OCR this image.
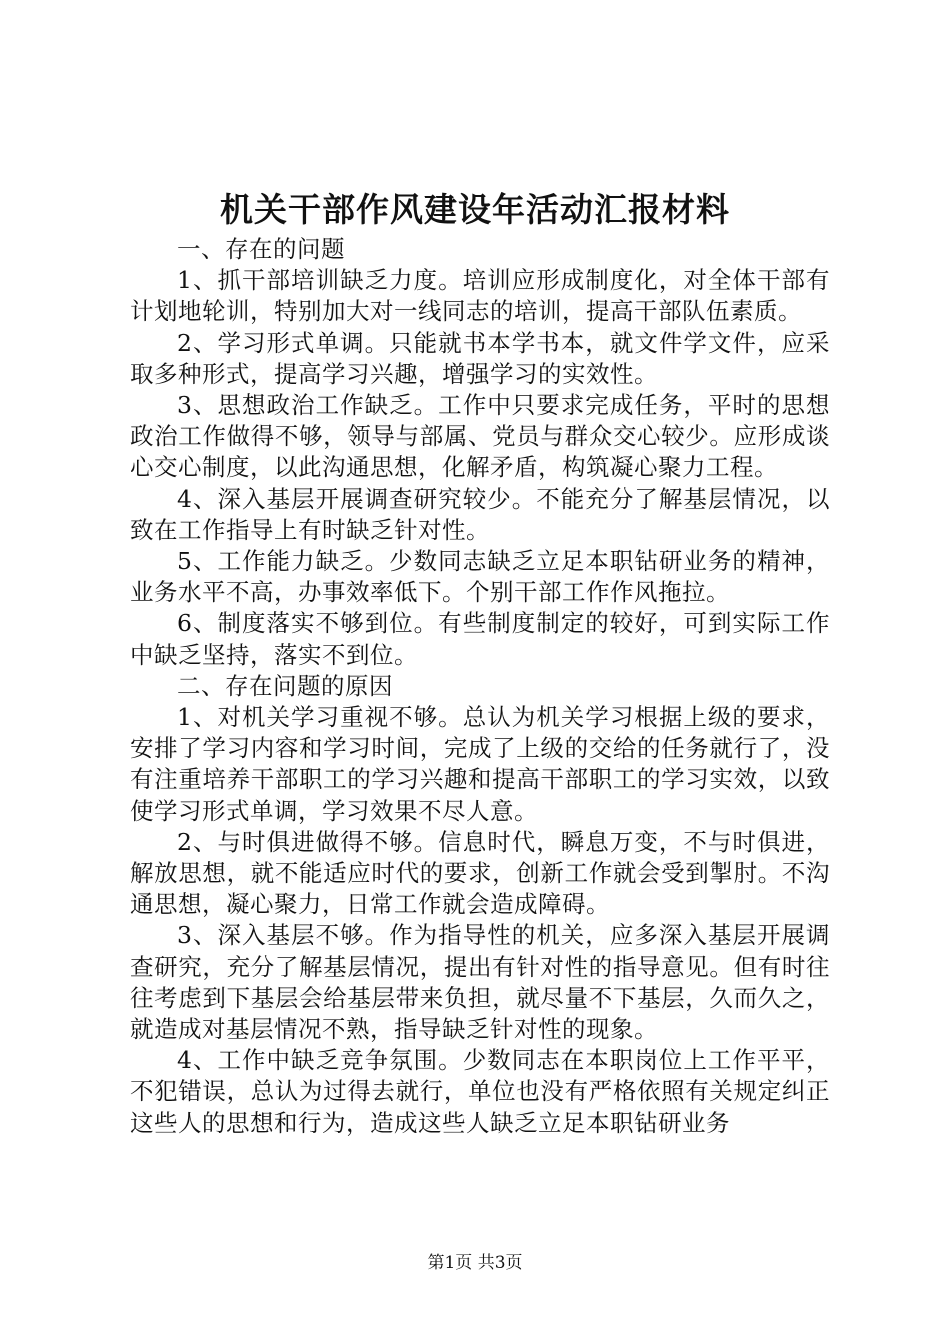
机关干部作风建设年活动汇报材料

一、存在的问题

1、抓干部培训缺乏力度。培训应形成制度化，对全体干部有计划地轮训，特别加大对一线同志的培训，提高干部队伍素质。

2、学习形式单调。只能就书本学书本，就文件学文件，应采取多种形式，提高学习兴趣，增强学习的实效性。

3、思想政治工作缺乏。工作中只要求完成任务，平时的思想政治工作做得不够，领导与部属、党员与群众交心较少。应形成谈心交心制度，以此沟通思想，化解矛盾，构筑凝心聚力工程。

4、深入基层开展调查研究较少。不能充分了解基层情况，以致在工作指导上有时缺乏针对性。

5、工作能力缺乏。少数同志缺乏立足本职钻研业务的精神，业务水平不高，办事效率低下。个别干部工作作风拖拉。

6、制度落实不够到位。有些制度制定的较好，可到实际工作中缺乏坚持，落实不到位。

二、存在问题的原因

1、对机关学习重视不够。总认为机关学习根据上级的要求，安排了学习内容和学习时间，完成了上级的交给的任务就行了，没有注重培养干部职工的学习兴趣和提高干部职工的学习实效，以致使学习形式单调，学习效果不尽人意。

2、与时俱进做得不够。信息时代，瞬息万变，不与时俱进，解放思想，就不能适应时代的要求，创新工作就会受到掣肘。不沟通思想，凝心聚力，日常工作就会造成障碍。

3、深入基层不够。作为指导性的机关，应多深入基层开展调查研究，充分了解基层情况，提出有针对性的指导意见。但有时往往考虑到下基层会给基层带来负担，就尽量不下基层，久而久之，就造成对基层情况不熟，指导缺乏针对性的现象。

4、工作中缺乏竞争氛围。少数同志在本职岗位上工作平平，不犯错误，总认为过得去就行，单位也没有严格依照有关规定纠正这些人的思想和行为，造成这些人缺乏立足本职钻研业务

第1页 共3页
